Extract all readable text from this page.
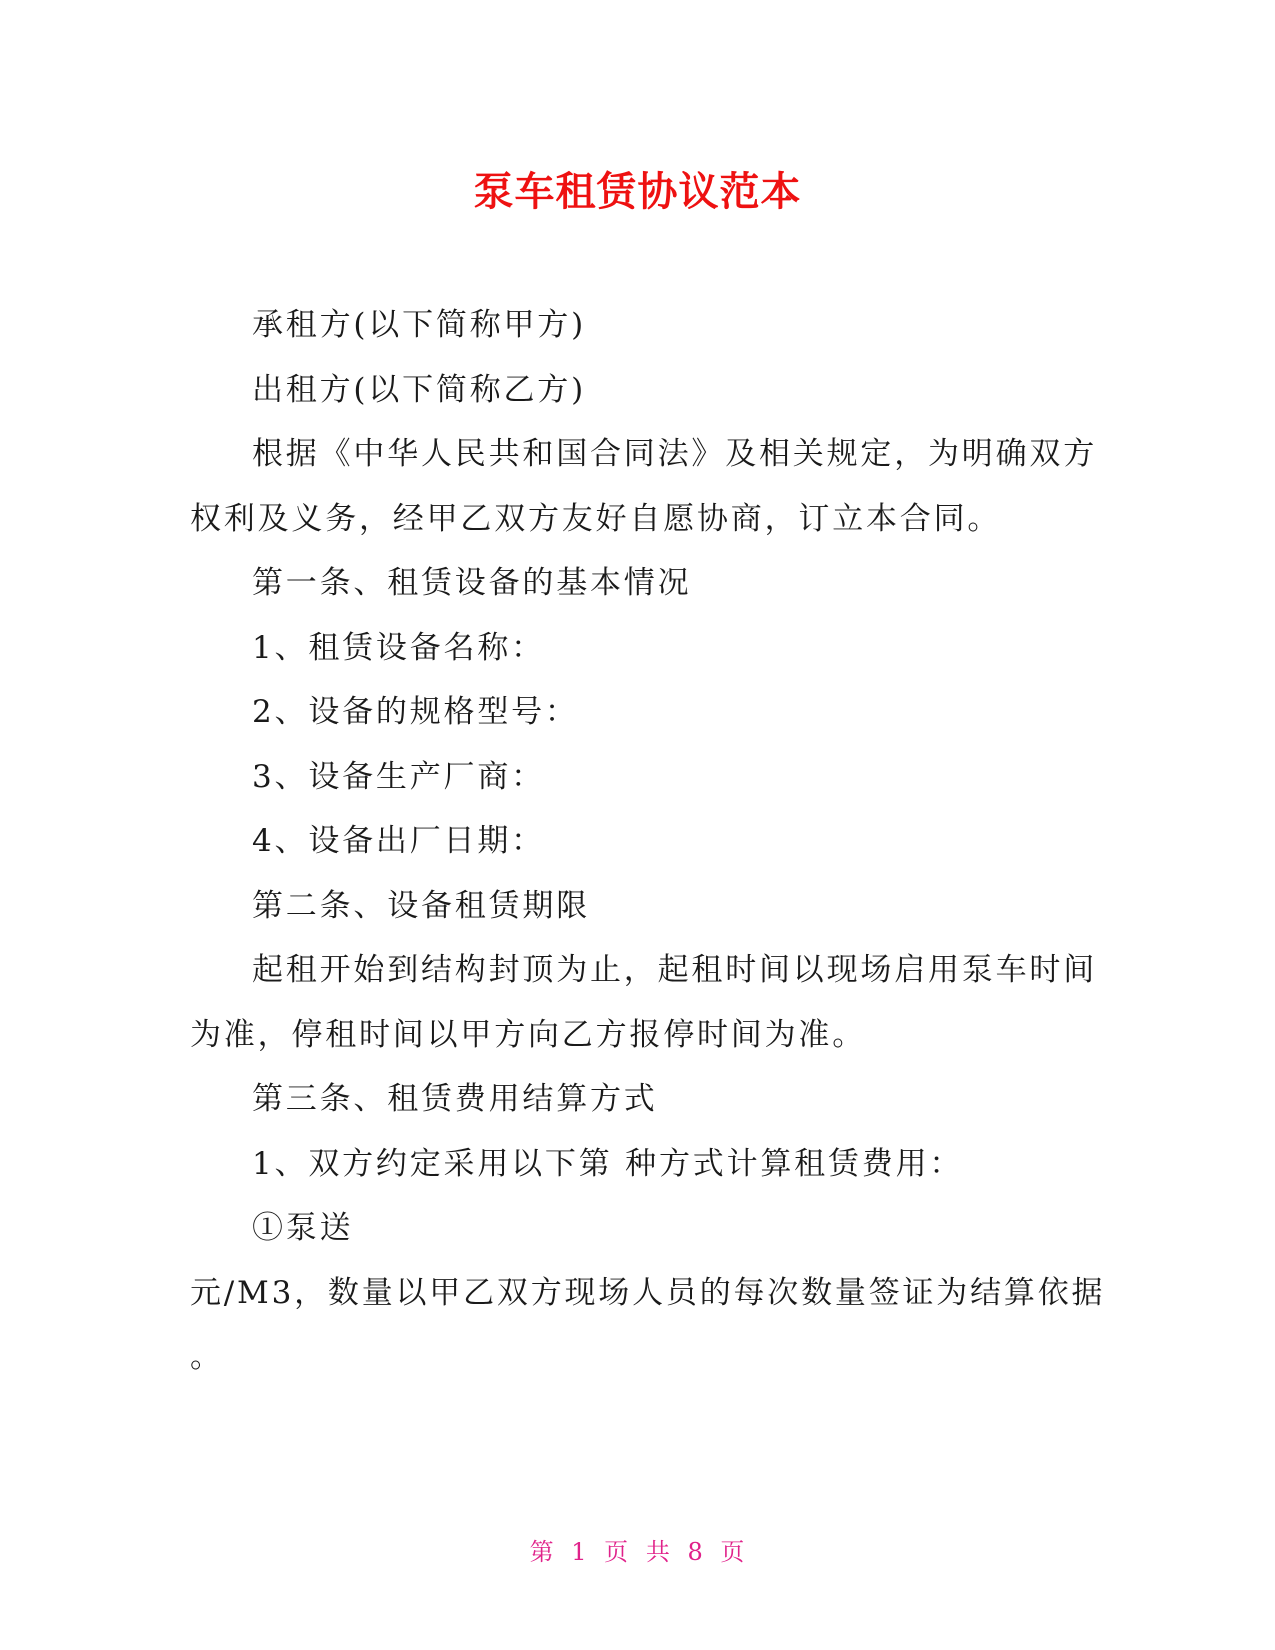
泵车租赁协议范本

承租方(以下简称甲方)

出租方(以下简称乙方)

根据《中华人民共和国合同法》及相关规定，为明确双方

权利及义务，经甲乙双方友好自愿协商，订立本合同。

第一条、租赁设备的基本情况

1、租赁设备名称：

2、设备的规格型号：

3、设备生产厂商：

4、设备出厂日期：

第二条、设备租赁期限

起租开始到结构封顶为止，起租时间以现场启用泵车时间

为准，停租时间以甲方向乙方报停时间为准。

第三条、租赁费用结算方式

1、双方约定采用以下第 种方式计算租赁费用：

①泵送

元/M3，数量以甲乙双方现场人员的每次数量签证为结算依据

。

第 1 页 共 8 页
